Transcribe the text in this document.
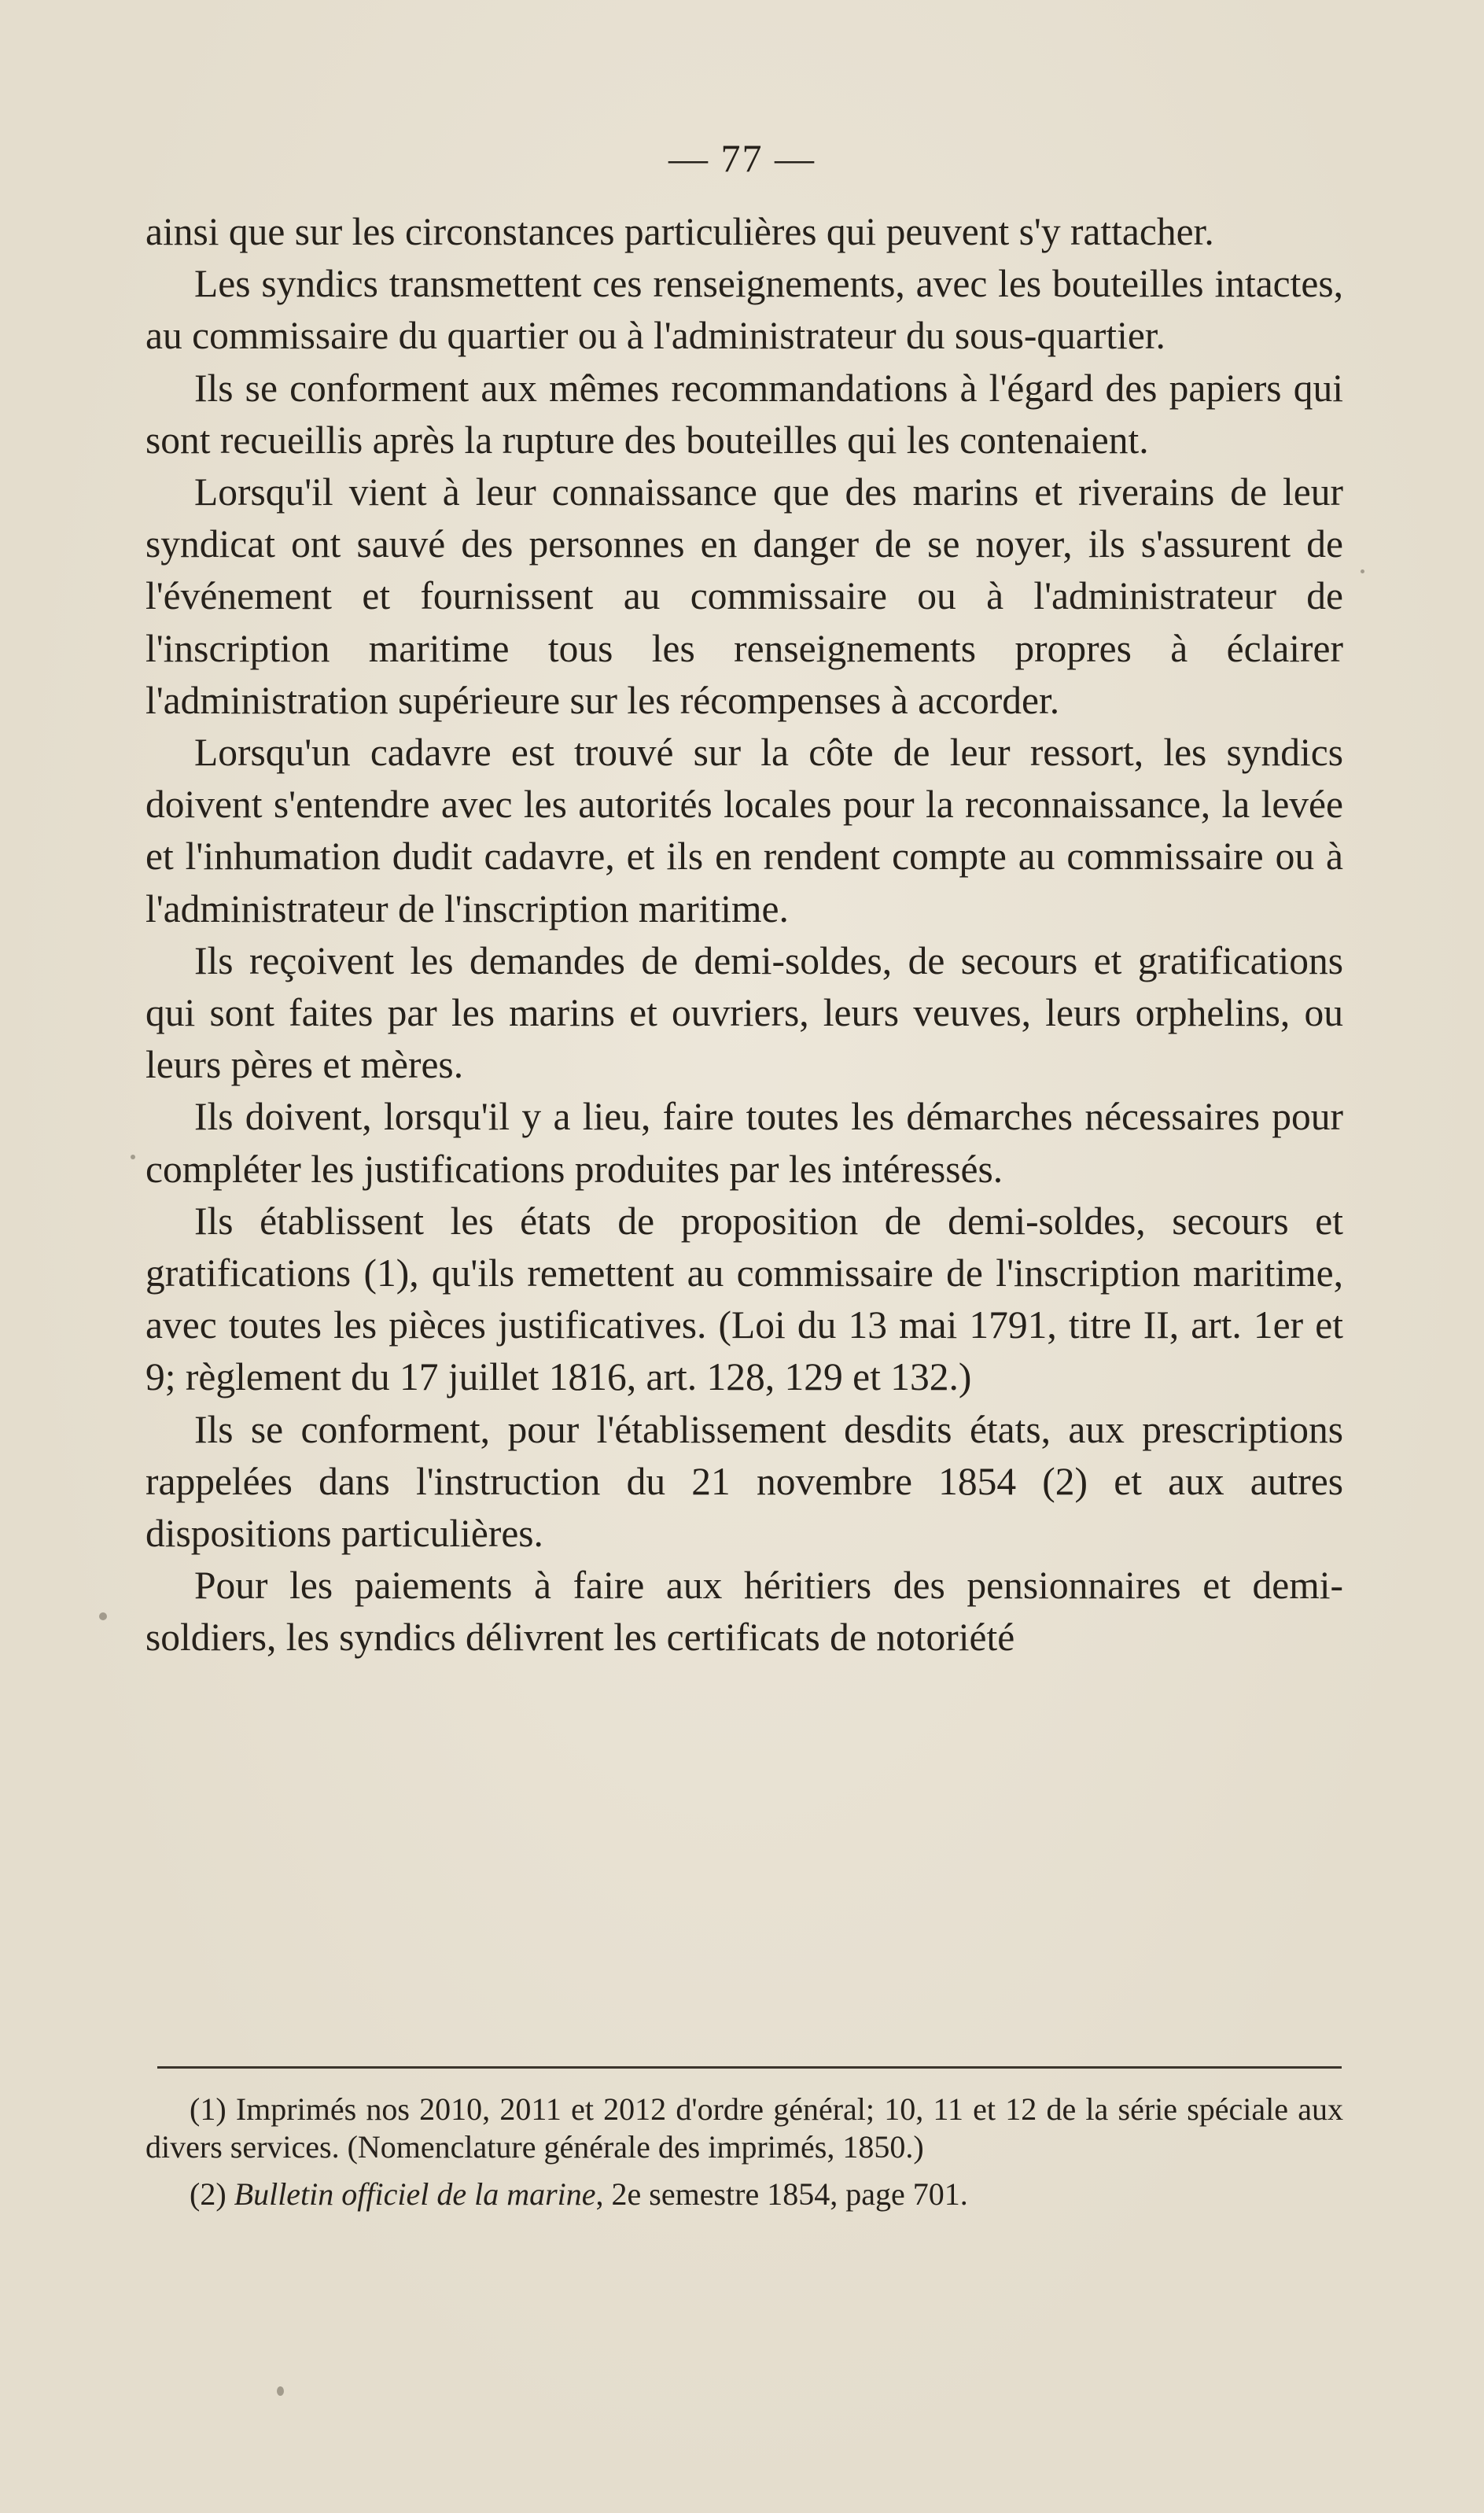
— 77 —

ainsi que sur les circonstances particulières qui peuvent s'y rattacher.

Les syndics transmettent ces renseignements, avec les bouteilles intactes, au commissaire du quartier ou à l'administrateur du sous-quartier.

Ils se conforment aux mêmes recommandations à l'égard des papiers qui sont recueillis après la rupture des bouteilles qui les contenaient.

Lorsqu'il vient à leur connaissance que des marins et riverains de leur syndicat ont sauvé des personnes en danger de se noyer, ils s'assurent de l'événement et fournissent au commissaire ou à l'administrateur de l'inscription maritime tous les renseignements propres à éclairer l'administration supérieure sur les récompenses à accorder.

Lorsqu'un cadavre est trouvé sur la côte de leur ressort, les syndics doivent s'entendre avec les autorités locales pour la reconnaissance, la levée et l'inhumation dudit cadavre, et ils en rendent compte au commissaire ou à l'administrateur de l'inscription maritime.

Ils reçoivent les demandes de demi-soldes, de secours et gratifications qui sont faites par les marins et ouvriers, leurs veuves, leurs orphelins, ou leurs pères et mères.

Ils doivent, lorsqu'il y a lieu, faire toutes les démarches nécessaires pour compléter les justifications produites par les intéressés.

Ils établissent les états de proposition de demi-soldes, secours et gratifications (1), qu'ils remettent au commissaire de l'inscription maritime, avec toutes les pièces justificatives. (Loi du 13 mai 1791, titre II, art. 1er et 9; règlement du 17 juillet 1816, art. 128, 129 et 132.)

Ils se conforment, pour l'établissement desdits états, aux prescriptions rappelées dans l'instruction du 21 novembre 1854 (2) et aux autres dispositions particulières.

Pour les paiements à faire aux héritiers des pensionnaires et demi-soldiers, les syndics délivrent les certificats de notoriété

(1) Imprimés nos 2010, 2011 et 2012 d'ordre général; 10, 11 et 12 de la série spéciale aux divers services. (Nomenclature générale des imprimés, 1850.)

(2) Bulletin officiel de la marine, 2e semestre 1854, page 701.
